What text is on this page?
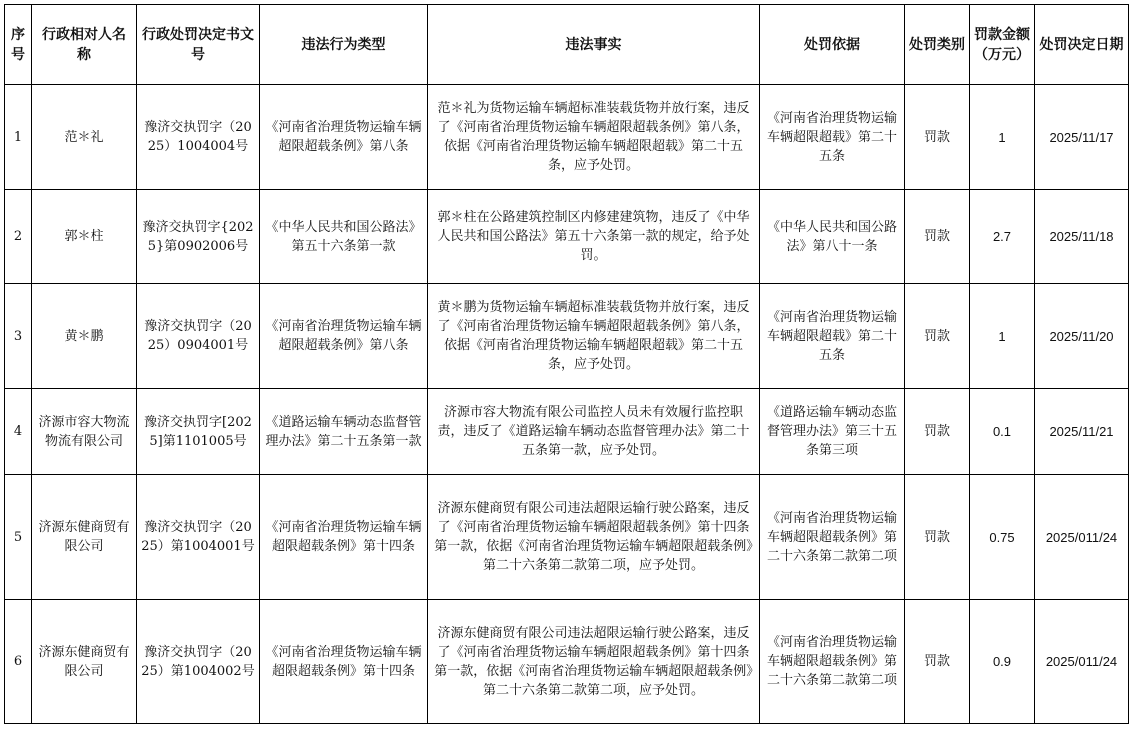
序号	行政相对人名称	行政处罚决定书文号	违法行为类型	违法事实	处罚依据	处罚类别	罚款金额（万元）	处罚决定日期
1	范＊礼	豫济交执罚字（2025）1004004号	《河南省治理货物运输车辆超限超载条例》第八条	范＊礼为货物运输车辆超标准装载货物并放行案，违反了《河南省治理货物运输车辆超限超载条例》第八条，依据《河南省治理货物运输车辆超限超载》第二十五条，应予处罚。	《河南省治理货物运输车辆超限超载》第二十五条	罚款	1	2025/11/17
2	郭＊柱	豫济交执罚字{2025}第0902006号	《中华人民共和国公路法》第五十六条第一款	郭＊柱在公路建筑控制区内修建建筑物，违反了《中华人民共和国公路法》第五十六条第一款的规定，给予处罚。	《中华人民共和国公路法》第八十一条	罚款	2.7	2025/11/18
3	黄＊鹏	豫济交执罚字（2025）0904001号	《河南省治理货物运输车辆超限超载条例》第八条	黄＊鹏为货物运输车辆超标准装载货物并放行案，违反了《河南省治理货物运输车辆超限超载条例》第八条，依据《河南省治理货物运输车辆超限超载》第二十五条，应予处罚。	《河南省治理货物运输车辆超限超载》第二十五条	罚款	1	2025/11/20
4	济源市容大物流物流有限公司	豫济交执罚字[2025]第1101005号	《道路运输车辆动态监督管理办法》第二十五条第一款	济源市容大物流有限公司监控人员未有效履行监控职责，违反了《道路运输车辆动态监督管理办法》第二十五条第一款，应予处罚。	《道路运输车辆动态监督管理办法》第三十五条第三项	罚款	0.1	2025/11/21
5	济源东健商贸有限公司	豫济交执罚字（2025）第1004001号	《河南省治理货物运输车辆超限超载条例》第十四条	济源东健商贸有限公司违法超限运输行驶公路案，违反了《河南省治理货物运输车辆超限超载条例》第十四条第一款，依据《河南省治理货物运输车辆超限超载条例》第二十六条第二款第二项，应予处罚。	《河南省治理货物运输车辆超限超载条例》第二十六条第二款第二项	罚款	0.75	2025/011/24
6	济源东健商贸有限公司	豫济交执罚字（2025）第1004002号	《河南省治理货物运输车辆超限超载条例》第十四条	济源东健商贸有限公司违法超限运输行驶公路案，违反了《河南省治理货物运输车辆超限超载条例》第十四条第一款，依据《河南省治理货物运输车辆超限超载条例》第二十六条第二款第二项，应予处罚。	《河南省治理货物运输车辆超限超载条例》第二十六条第二款第二项	罚款	0.9	2025/011/24
